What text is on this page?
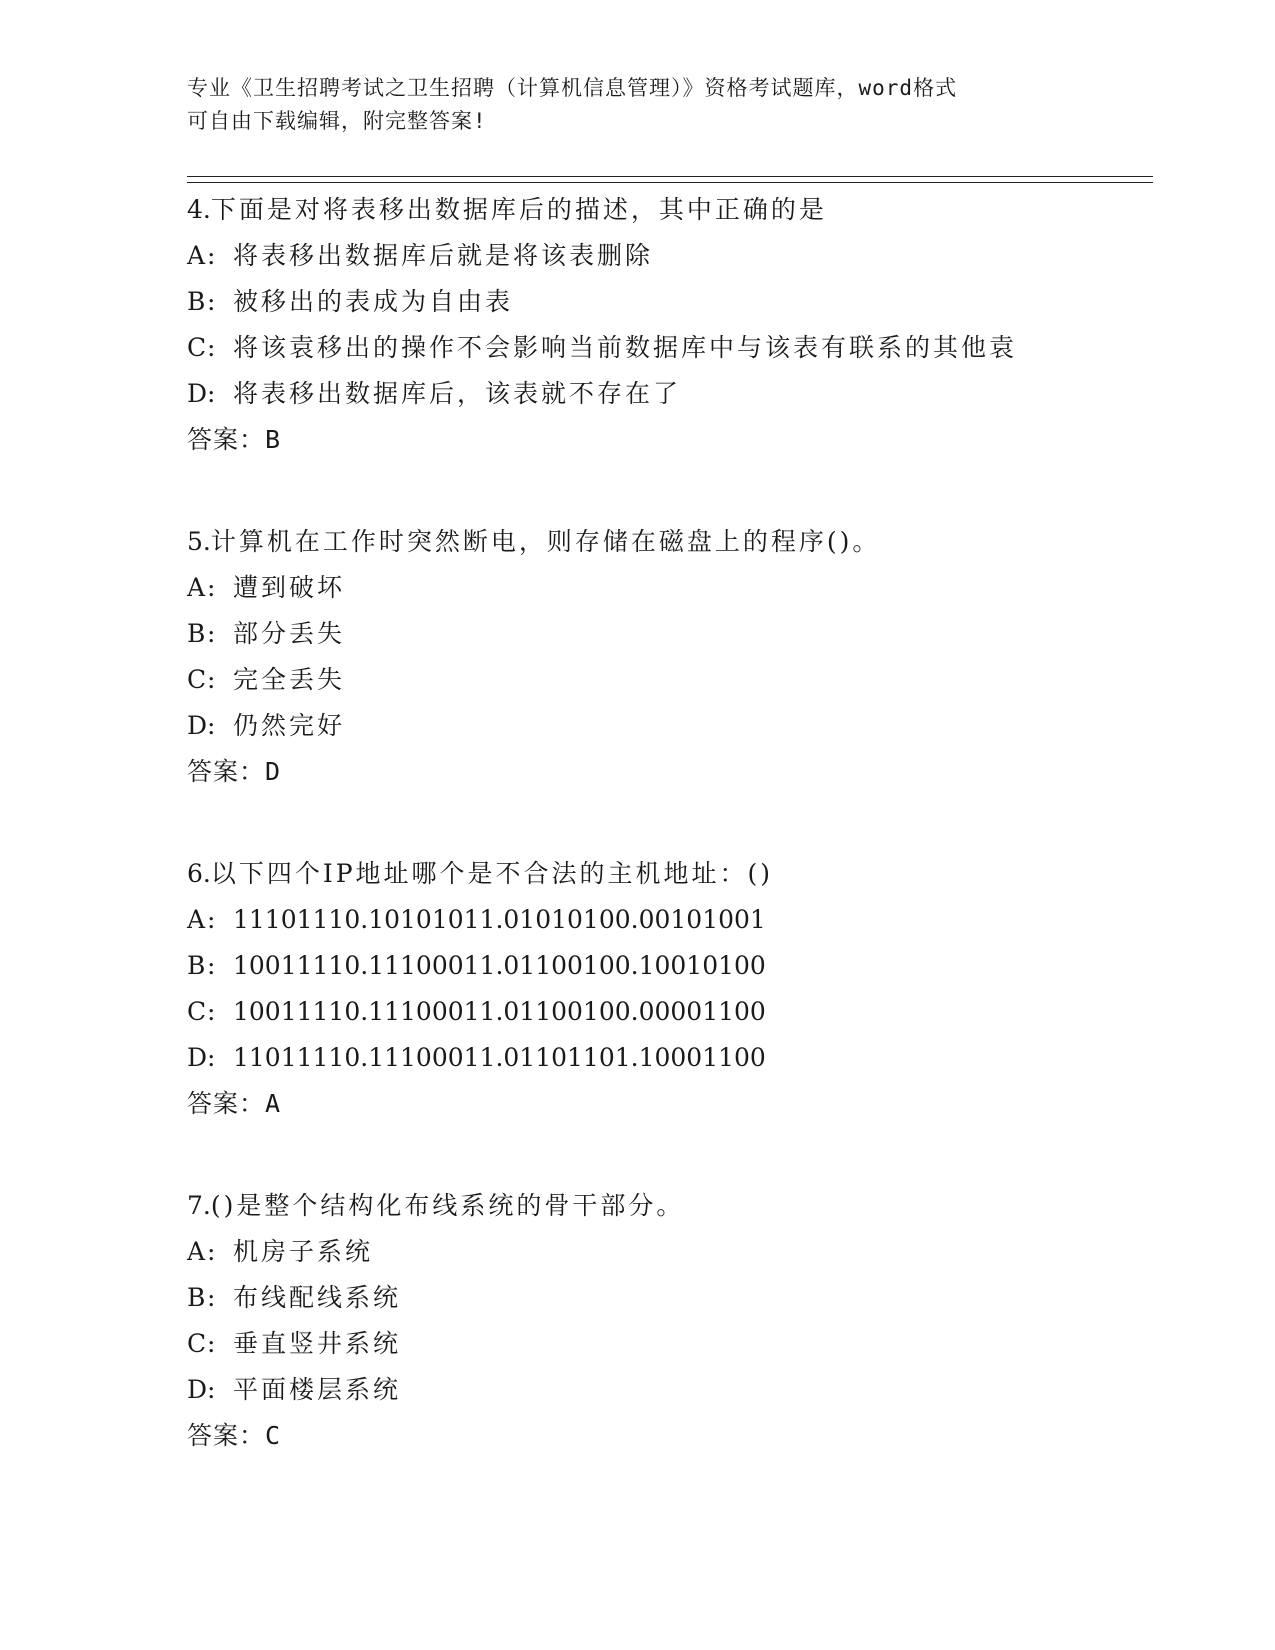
专业《卫生招聘考试之卫生招聘（计算机信息管理）》资格考试题库，word格式
可自由下载编辑，附完整答案!
4.下面是对将表移出数据库后的描述，其中正确的是
A: 将表移出数据库后就是将该表删除
B: 被移出的表成为自由表
C: 将该袁移出的操作不会影响当前数据库中与该表有联系的其他袁
D: 将表移出数据库后，该表就不存在了
答案：B
5.计算机在工作时突然断电，则存储在磁盘上的程序()。
A: 遭到破坏
B: 部分丢失
C: 完全丢失
D: 仍然完好
答案：D
6.以下四个IP地址哪个是不合法的主机地址：()
A: 11101110.10101011.01010100.00101001
B: 10011110.11100011.01100100.10010100
C: 10011110.11100011.01100100.00001100
D: 11011110.11100011.01101101.10001100
答案：A
7.()是整个结构化布线系统的骨干部分。
A: 机房子系统
B: 布线配线系统
C: 垂直竖井系统
D: 平面楼层系统
答案：C
